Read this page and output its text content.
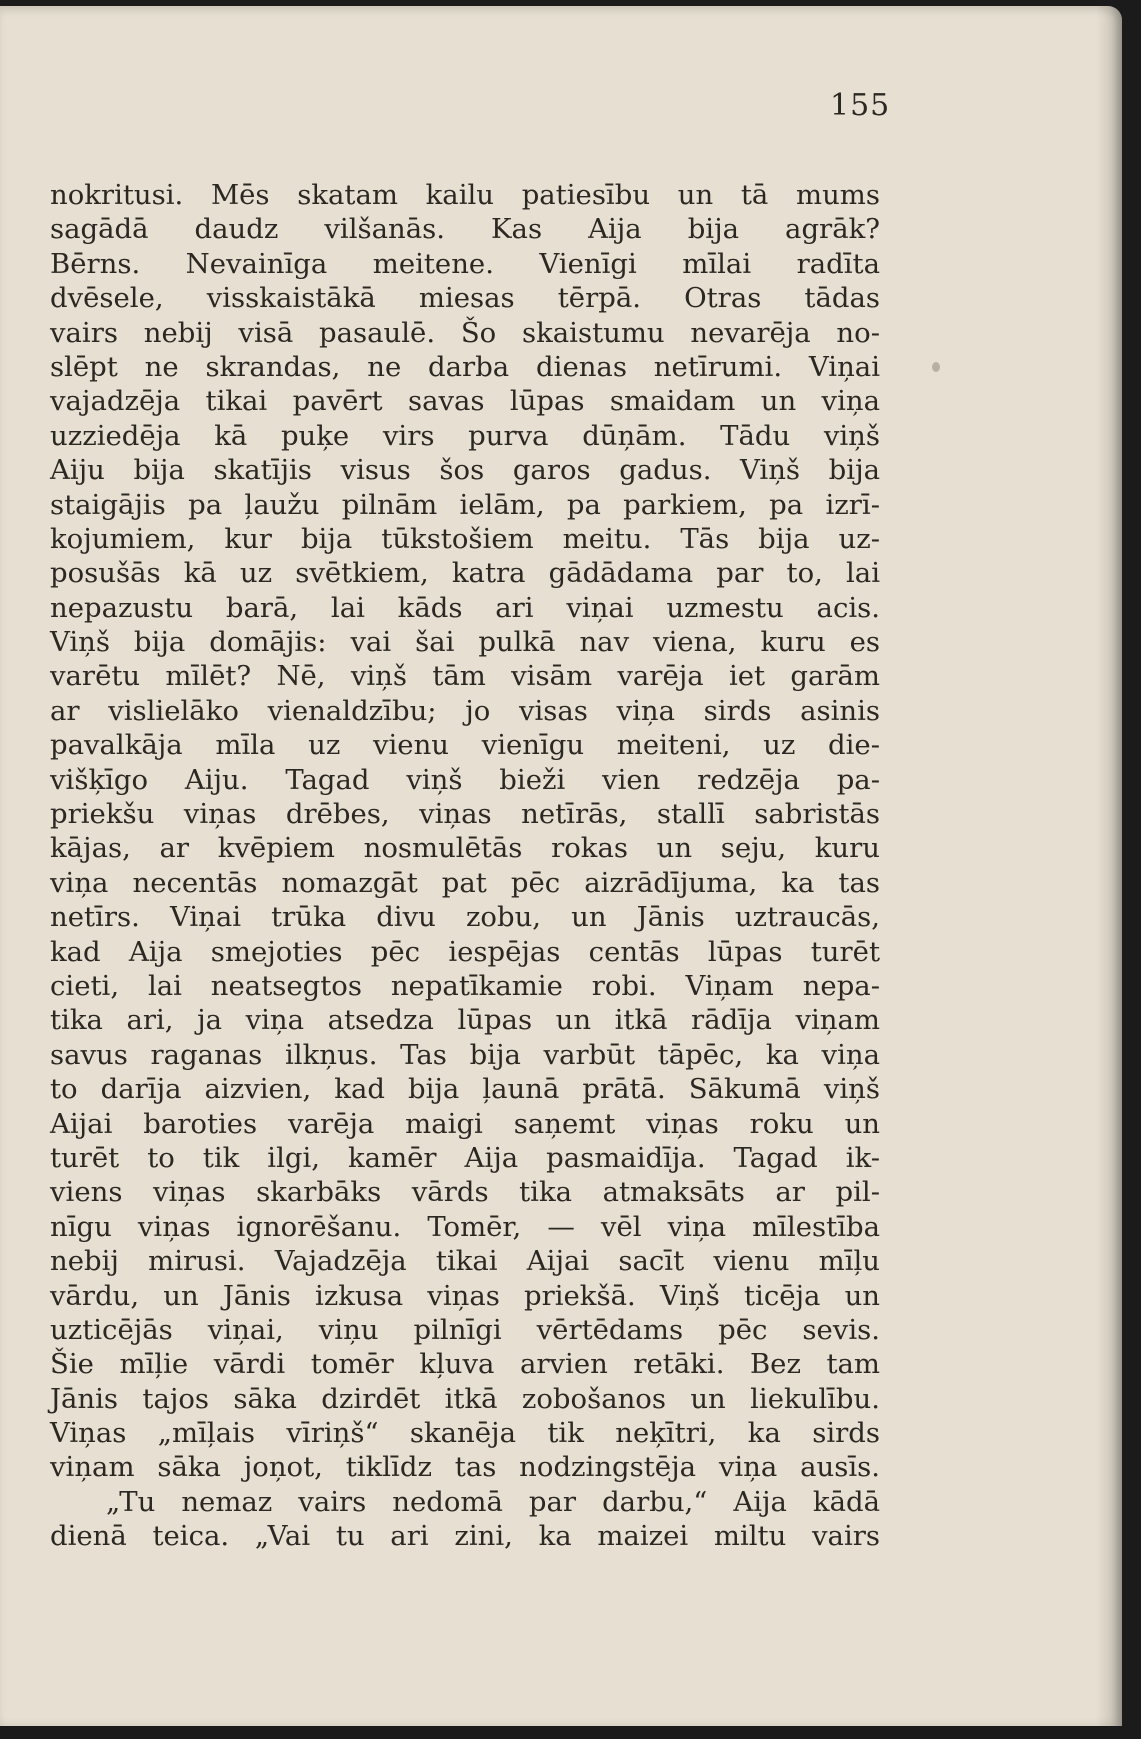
155
nokritusi. Mēs skatam kailu patiesību un tā mums
sagādā daudz vilšanās. Kas Aija bija agrāk?
Bērns. Nevainīga meitene. Vienīgi mīlai radīta
dvēsele, visskaistākā miesas tērpā. Otras tādas
vairs nebij visā pasaulē. Šo skaistumu nevarēja no-
slēpt ne skrandas, ne darba dienas netīrumi. Viņai
vajadzēja tikai pavērt savas lūpas smaidam un viņa
uzziedēja kā puķe virs purva dūņām. Tādu viņš
Aiju bija skatījis visus šos garos gadus. Viņš bija
staigājis pa ļaužu pilnām ielām, pa parkiem, pa izrī-
kojumiem, kur bija tūkstošiem meitu. Tās bija uz-
posušās kā uz svētkiem, katra gādādama par to, lai
nepazustu barā, lai kāds ari viņai uzmestu acis.
Viņš bija domājis: vai šai pulkā nav viena, kuru es
varētu mīlēt? Nē, viņš tām visām varēja iet garām
ar vislielāko vienaldzību; jo visas viņa sirds asinis
pavalkāja mīla uz vienu vienīgu meiteni, uz die-
višķīgo Aiju. Tagad viņš bieži vien redzēja pa-
priekšu viņas drēbes, viņas netīrās, stallī sabristās
kājas, ar kvēpiem nosmulētās rokas un seju, kuru
viņa necentās nomazgāt pat pēc aizrādījuma, ka tas
netīrs. Viņai trūka divu zobu, un Jānis uztraucās,
kad Aija smejoties pēc iespējas centās lūpas turēt
cieti, lai neatsegtos nepatīkamie robi. Viņam nepa-
tika ari, ja viņa atsedza lūpas un itkā rādīja viņam
savus raganas ilkņus. Tas bija varbūt tāpēc, ka viņa
to darīja aizvien, kad bija ļaunā prātā. Sākumā viņš
Aijai baroties varēja maigi saņemt viņas roku un
turēt to tik ilgi, kamēr Aija pasmaidīja. Tagad ik-
viens viņas skarbāks vārds tika atmaksāts ar pil-
nīgu viņas ignorēšanu. Tomēr, — vēl viņa mīlestība
nebij mirusi. Vajadzēja tikai Aijai sacīt vienu mīļu
vārdu, un Jānis izkusa viņas priekšā. Viņš ticēja un
uzticējās viņai, viņu pilnīgi vērtēdams pēc sevis.
Šie mīļie vārdi tomēr kļuva arvien retāki. Bez tam
Jānis tajos sāka dzirdēt itkā zobošanos un liekulību.
Viņas „mīļais vīriņš“ skanēja tik neķītri, ka sirds
viņam sāka joņot, tiklīdz tas nodzingstēja viņa ausīs.
„Tu nemaz vairs nedomā par darbu,“ Aija kādā
dienā teica. „Vai tu ari zini, ka maizei miltu vairs
